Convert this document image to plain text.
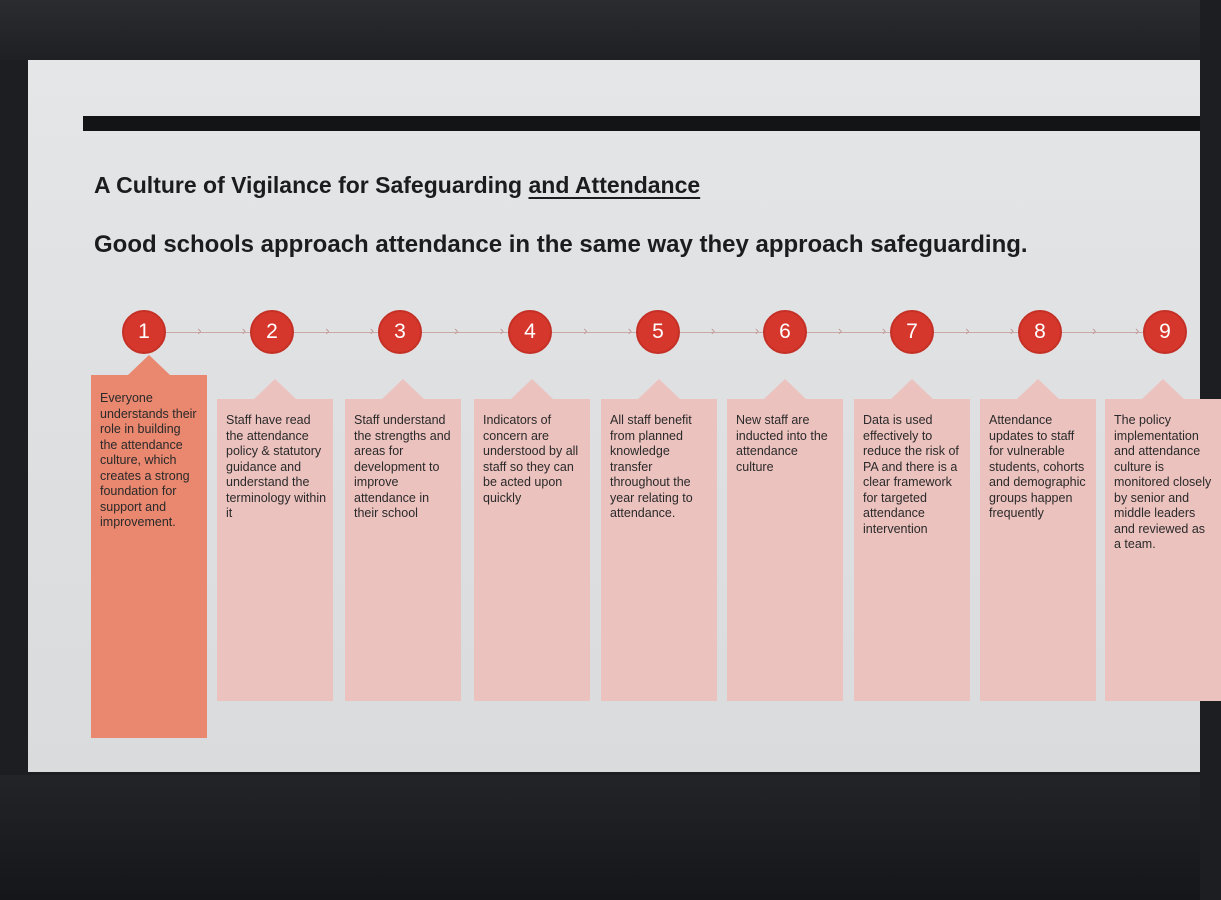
A Culture of Vigilance for Safeguarding and Attendance
Good schools approach attendance in the same way they approach safeguarding.
›	›	›	›	›	›	›	›	›	›	›	›	›	›	›	›
1
Everyone understands their role in building the attendance culture, which creates a strong foundation for support and improvement.
2
Staff have read the attendance policy & statutory guidance and understand the terminology within it
3
Staff understand the strengths and areas for development to improve attendance in their school
4
Indicators of concern are understood by all staff so they can be acted upon quickly
5
All staff benefit from planned knowledge transfer throughout the year relating to attendance.
6
New staff are inducted into the attendance culture
7
Data is used effectively to reduce the risk of PA and there is a clear framework for targeted attendance intervention
8
Attendance updates to staff for vulnerable students, cohorts and demographic groups happen frequently
9
The policy implementation and attendance culture is monitored closely by senior and middle leaders and reviewed as a team.
